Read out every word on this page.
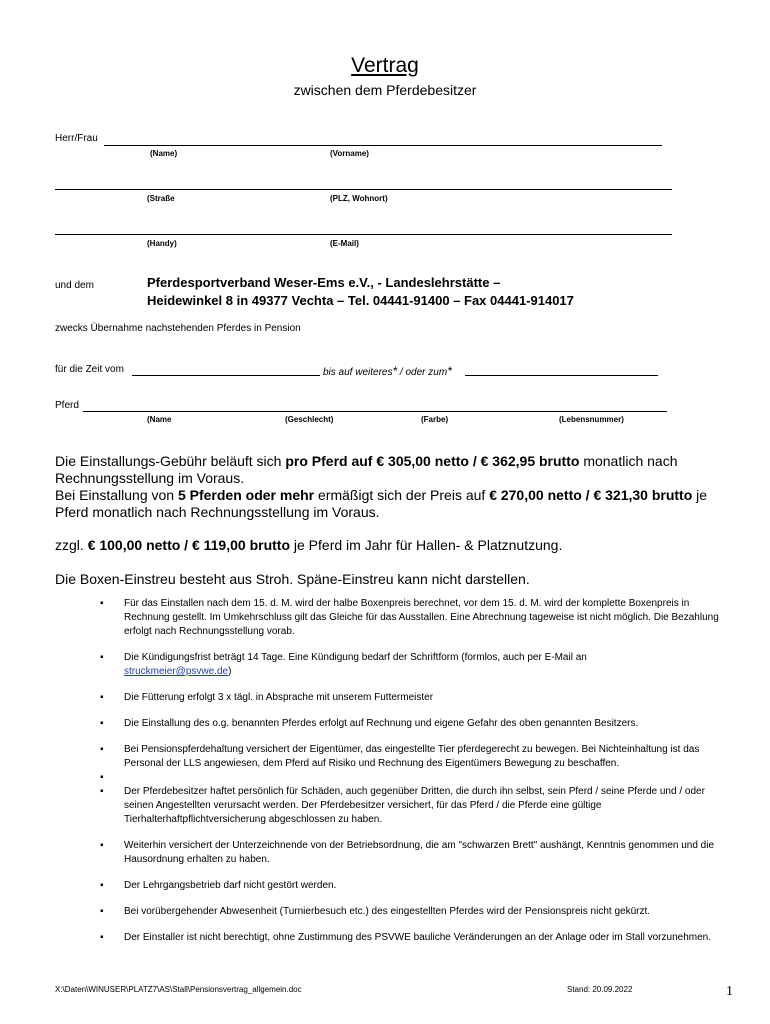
Vertrag
zwischen dem Pferdebesitzer
Herr/Frau
(Name)	(Vorname)
(Straße	(PLZ, Wohnort)
(Handy)	(E-Mail)
und dem	Pferdesportverband Weser-Ems e.V., - Landeslehrstätte –
Heidewinkel 8 in 49377 Vechta – Tel. 04441-91400 – Fax 04441-914017
zwecks Übernahme nachstehenden Pferdes in Pension
für die Zeit vom	bis auf weiteres* / oder zum*
Pferd
(Name	(Geschlecht)	(Farbe)	(Lebensnummer)
Die Einstallungs-Gebühr beläuft sich pro Pferd auf € 305,00 netto / € 362,95 brutto monatlich nach Rechnungsstellung im Voraus.
Bei Einstallung von 5 Pferden oder mehr ermäßigt sich der Preis auf € 270,00 netto / € 321,30 brutto je Pferd monatlich nach Rechnungsstellung im Voraus.
zzgl. € 100,00 netto / € 119,00 brutto je Pferd im Jahr für Hallen- & Platznutzung.
Die Boxen-Einstreu besteht aus Stroh. Späne-Einstreu kann nicht darstellen.
▪ Für das Einstallen nach dem 15. d. M. wird der halbe Boxenpreis berechnet, vor dem 15. d. M. wird der komplette Boxenpreis in Rechnung gestellt. Im Umkehrschluss gilt das Gleiche für das Ausstallen. Eine Abrechnung tageweise ist nicht möglich. Die Bezahlung erfolgt nach Rechnungsstellung vorab.
▪ Die Kündigungsfrist beträgt 14 Tage. Eine Kündigung bedarf der Schriftform (formlos, auch per E-Mail an
struckmeier@psvwe.de)
▪ Die Fütterung erfolgt 3 x tägl. in Absprache mit unserem Futtermeister
▪ Die Einstallung des o.g. benannten Pferdes erfolgt auf Rechnung und eigene Gefahr des oben genannten Besitzers.
▪ Bei Pensionspferdehaltung versichert der Eigentümer, das eingestellte Tier pferdegerecht zu bewegen. Bei Nichteinhaltung ist das Personal der LLS angewiesen, dem Pferd auf Risiko und Rechnung des Eigentümers Bewegung zu beschaffen.
▪

▪ Der Pferdebesitzer haftet persönlich für Schäden, auch gegenüber Dritten, die durch ihn selbst, sein Pferd / seine Pferde und / oder seinen Angestellten verursacht werden. Der Pferdebesitzer versichert, für das Pferd / die Pferde eine gültige Tierhalterhaftpflichtversicherung abgeschlossen zu haben.
▪ Weiterhin versichert der Unterzeichnende von der Betriebsordnung, die am "schwarzen Brett" aushängt, Kenntnis genommen und die Hausordnung erhalten zu haben.
▪ Der Lehrgangsbetrieb darf nicht gestört werden.
▪ Bei vorübergehender Abwesenheit (Turnierbesuch etc.) des eingestellten Pferdes wird der Pensionspreis nicht gekürzt.
▪ Der Einstaller ist nicht berechtigt, ohne Zustimmung des PSVWE bauliche Veränderungen an der Anlage oder im Stall vorzunehmen.
X:\Daten\WINUSER\PLATZ7\AS\Stall\Pensionsvertrag_allgemein.doc	Stand: 20.09.2022	1
